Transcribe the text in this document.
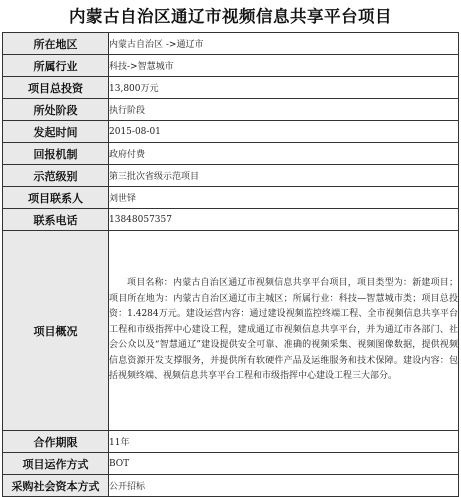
内蒙古自治区通辽市视频信息共享平台项目
所在地区	内蒙古自治区 ->通辽市
所属行业	科技->智慧城市
项目总投资	13,800万元
所处阶段	执行阶段
发起时间	2015-08-01
回报机制	政府付费
示范级别	第三批次省级示范项目
项目联系人	刘世铎
联系电话	13848057357
项目概况	项目名称：内蒙古自治区通辽市视频信息共享平台项目，项目类型为：新建项目；项目所在地为：内蒙古自治区通辽市主城区；所属行业：科技—智慧城市类；项目总投资：1.4284万元。建设运营内容：通过建设视频监控终端工程、全市视频信息共享平台工程和市级指挥中心建设工程，建成通辽市视频信息共享平台，并为通辽市各部门、社会公众以及“智慧通辽”建设提供安全可靠、准确的视频采集、视频图像数据，提供视频信息资源开发支撑服务，并提供所有软硬件产品及运维服务和技术保障。建设内容：包括视频终端、视频信息共享平台工程和市级指挥中心建设工程三大部分。
合作期限	11年
项目运作方式	BOT
采购社会资本方式	公开招标
